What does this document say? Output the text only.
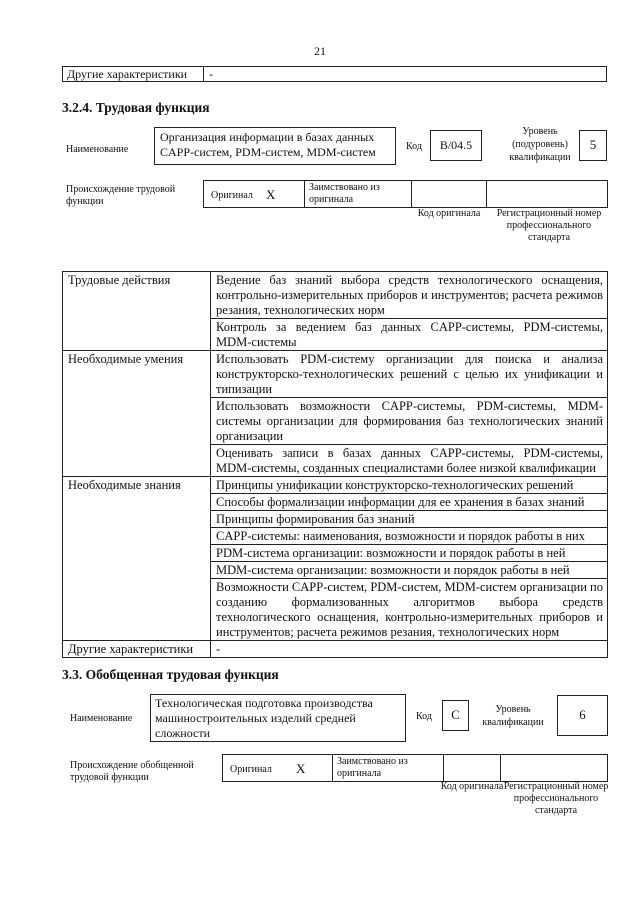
21
Другие характеристики -
3.2.4. Трудовая функция
Наименование
Организация информации в базах данных CAPP-систем, PDM-систем, MDM-систем	Код	B/04.5
Уровень (подуровень) квалификации
5
Происхождение трудовой функции
Оригинал X	Заимствовано из оригинала
Код оригинала	Регистрационный номер профессионального стандарта
Трудовые действия	Ведение баз знаний выбора средств технологического оснащения, контрольно-измерительных приборов и инструментов; расчета режимов резания, технологических норм
	Контроль за ведением баз данных CAPP-системы, PDM-системы, MDM-системы
Необходимые умения	Использовать PDM-систему организации для поиска и анализа конструкторско-технологических решений с целью их унификации и типизации
	Использовать возможности CAPP-системы, PDM-системы, MDM-системы организации для формирования баз технологических знаний организации
	Оценивать записи в базах данных CAPP-системы, PDM-системы, MDM-системы, созданных специалистами более низкой квалификации
Необходимые знания	Принципы унификации конструкторско-технологических решений
	Способы формализации информации для ее хранения в базах знаний
	Принципы формирования баз знаний
	CAPP-системы: наименования, возможности и порядок работы в них
	PDM-система организации: возможности и порядок работы в ней
	MDM-система организации: возможности и порядок работы в ней
	Возможности CAPP-систем, PDM-систем, MDM-систем организации по созданию формализованных алгоритмов выбора средств технологического оснащения, контрольно-измерительных приборов и инструментов; расчета режимов резания, технологических норм
Другие характеристики	-
3.3. Обобщенная трудовая функция
Наименование
Технологическая подготовка производства машиностроительных изделий средней сложности
Код	C	Уровень квалификации
6
Происхождение обобщенной трудовой функции
Оригинал X	Заимствовано из оригинала
Код оригинала Регистрационный номер профессионального стандарта
